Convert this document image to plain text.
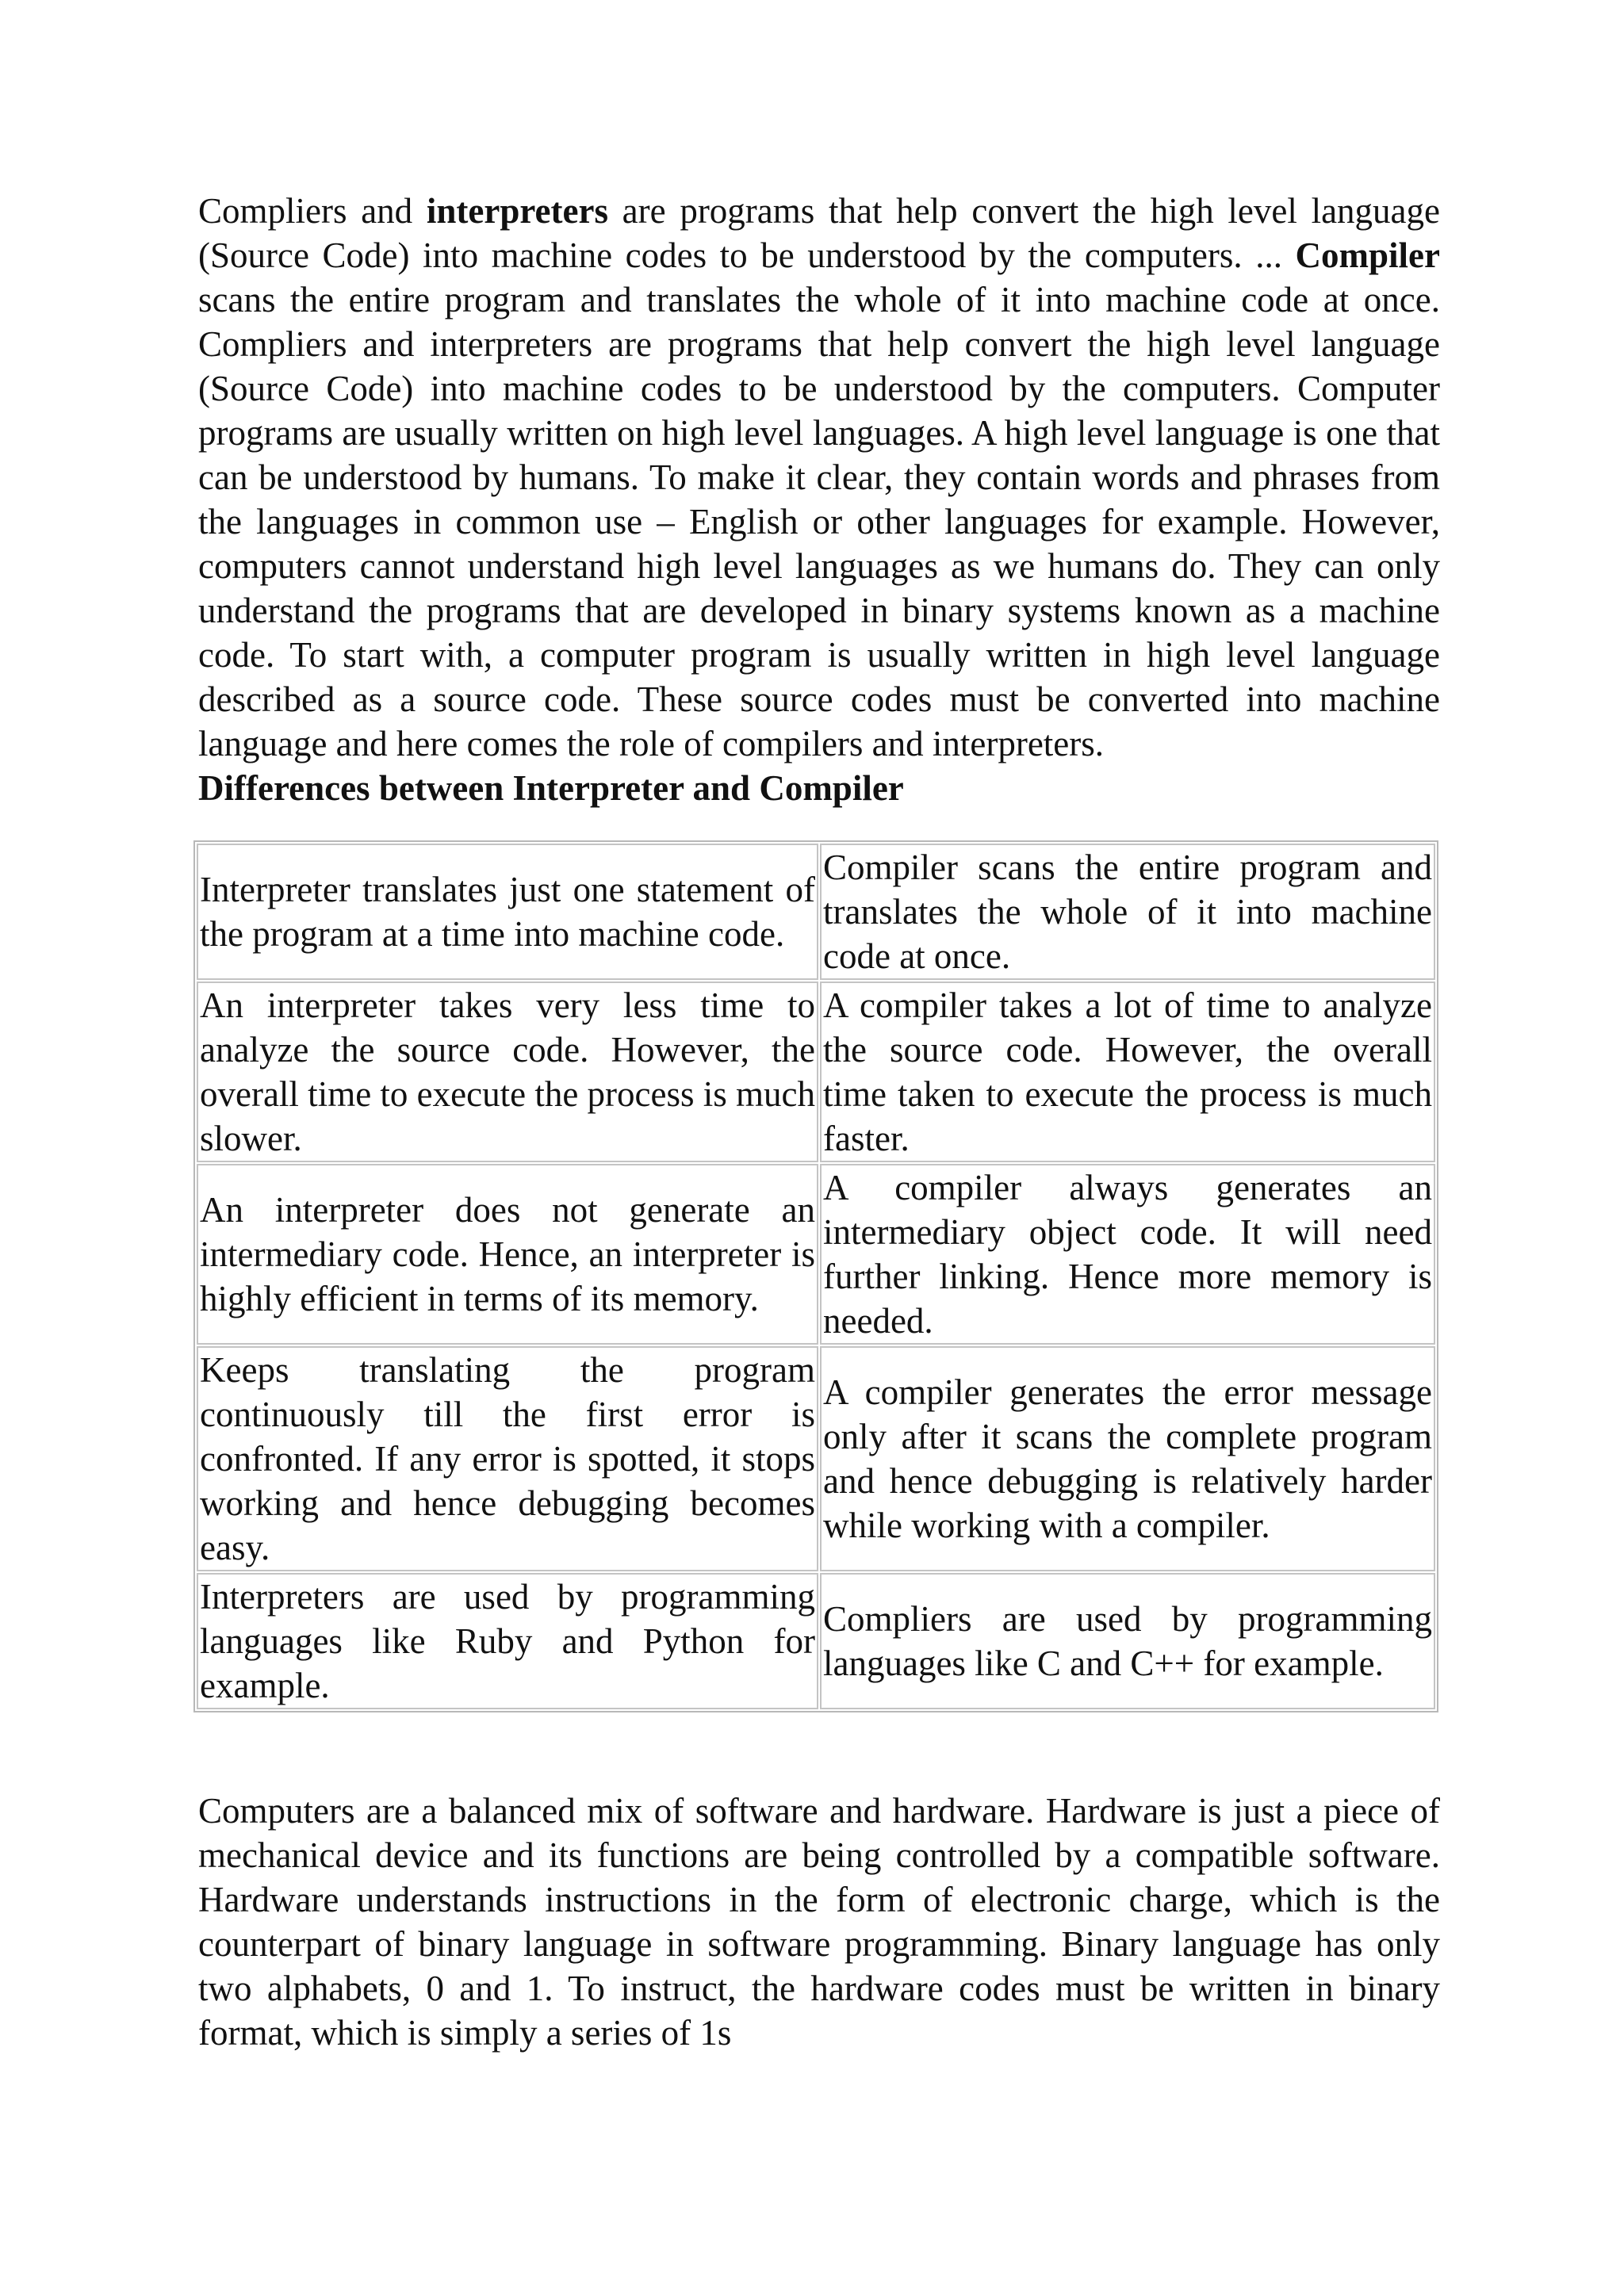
Compliers and interpreters are programs that help convert the high level language (Source Code) into machine codes to be understood by the computers. ... Compiler scans the entire program and translates the whole of it into machine code at once. Compliers and interpreters are programs that help convert the high level language (Source Code) into machine codes to be understood by the computers. Computer programs are usually written on high level languages. A high level language is one that can be understood by humans. To make it clear, they contain words and phrases from the languages in common use – English or other languages for example. However, computers cannot understand high level languages as we humans do. They can only understand the programs that are developed in binary systems known as a machine code. To start with, a computer program is usually written in high level language described as a source code. These source codes must be converted into machine language and here comes the role of compilers and interpreters.

Differences between Interpreter and Compiler

Interpreter translates just one statement of the program at a time into machine code.	Compiler scans the entire program and translates the whole of it into machine code at once.
An interpreter takes very less time to analyze the source code. However, the overall time to execute the process is much slower.	A compiler takes a lot of time to analyze the source code. However, the overall time taken to execute the process is much faster.
An interpreter does not generate an intermediary code. Hence, an interpreter is highly efficient in terms of its memory.	A compiler always generates an intermediary object code. It will need further linking. Hence more memory is needed.
Keeps translating the program continuously till the first error is confronted. If any error is spotted, it stops working and hence debugging becomes easy.	A compiler generates the error message only after it scans the complete program and hence debugging is relatively harder while working with a compiler.
Interpreters are used by programming languages like Ruby and Python for example.	Compliers are used by programming languages like C and C++ for example.

Computers are a balanced mix of software and hardware. Hardware is just a piece of mechanical device and its functions are being controlled by a compatible software. Hardware understands instructions in the form of electronic charge, which is the counterpart of binary language in software programming. Binary language has only two alphabets, 0 and 1. To instruct, the hardware codes must be written in binary format, which is simply a series of 1s
